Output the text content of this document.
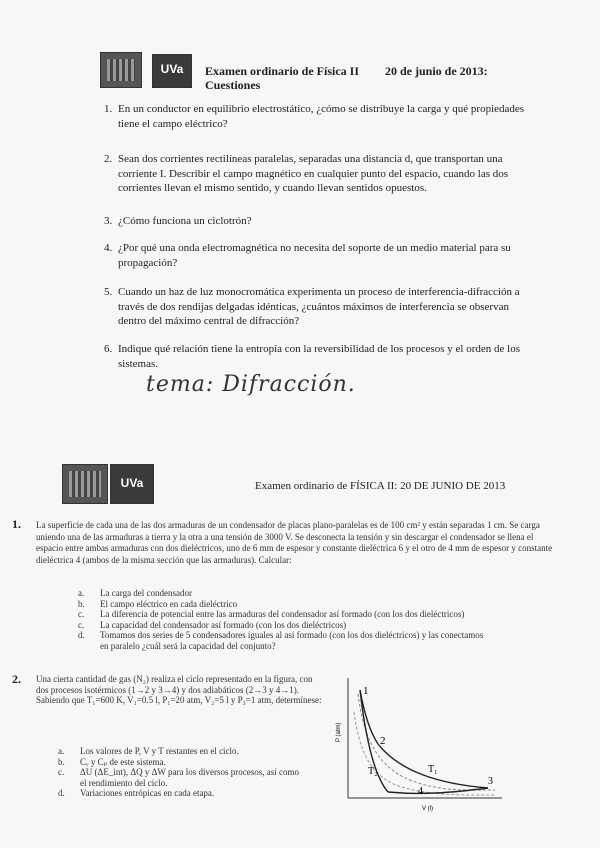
UVa	Examen ordinario de Física II 20 de junio de 2013:
Cuestiones
1. En un conductor en equilibrio electrostático, ¿cómo se distribuye la carga y qué propiedades tiene el campo eléctrico?
2. Sean dos corrientes rectilíneas paralelas, separadas una distancia d, que transportan una corriente I. Describir el campo magnético en cualquier punto del espacio, cuando las dos corrientes llevan el mismo sentido, y cuando llevan sentidos opuestos.
3. ¿Cómo funciona un ciclotrón?
4. ¿Por qué una onda electromagnética no necesita del soporte de un medio material para su propagación?
5. Cuando un haz de luz monocromática experimenta un proceso de interferencia-difracción a través de dos rendijas delgadas idénticas, ¿cuántos máximos de interferencia se observan dentro del máximo central de difracción?
6. Indique qué relación tiene la entropía con la reversibilidad de los procesos y el orden de los sistemas.
tema: Difracción.
UVa	Examen ordinario de FÍSICA II: 20 DE JUNIO DE 2013
1. La superficie de cada una de las dos armaduras de un condensador de placas plano-paralelas es de 100 cm² y están separadas 1 cm. Se carga uniendo una de las armaduras a tierra y la otra a una tensión de 3000 V. Se desconecta la tensión y sin descargar el condensador se llena el espacio entre ambas armaduras con dos dieléctricos, uno de 6 mm de espesor y constante dieléctrica 6 y el otro de 4 mm de espesor y constante dieléctrica 4 (ambos de la misma sección que las armaduras). Calcular:
a. La carga del condensador
b. El campo eléctrico en cada dieléctrico
c. La diferencia de potencial entre las armaduras del condensador así formado (con los dos dieléctricos)
c. La capacidad del condensador así formado (con los dos dieléctricos)
d. Tomamos dos series de 5 condensadores iguales al así formado (con los dos dieléctricos) y las conectamos
en paralelo ¿cuál será la capacidad del conjunto?
2. Una cierta cantidad de gas (N₂) realiza el ciclo representado en la figura, con dos procesos isotérmicos (1→2 y 3→4) y dos adiabáticos (2→3 y 4→1).
Sabiendo que T₁=600 K, V₁=0.5 l, P₁=20 atm, V₂=5 l y P₃=1 atm, determínese:
a. Los valores de P, V y T restantes en el ciclo.
b. Cᵥ y Cₚ de este sistema.
c. ΔU (ΔE_int), ΔQ y ΔW para los diversos procesos, así como
el rendimiento del ciclo.
d. Variaciones entrópicas en cada etapa.
1
2
3
4
T₁
T₂
P (atm)
V (l)
